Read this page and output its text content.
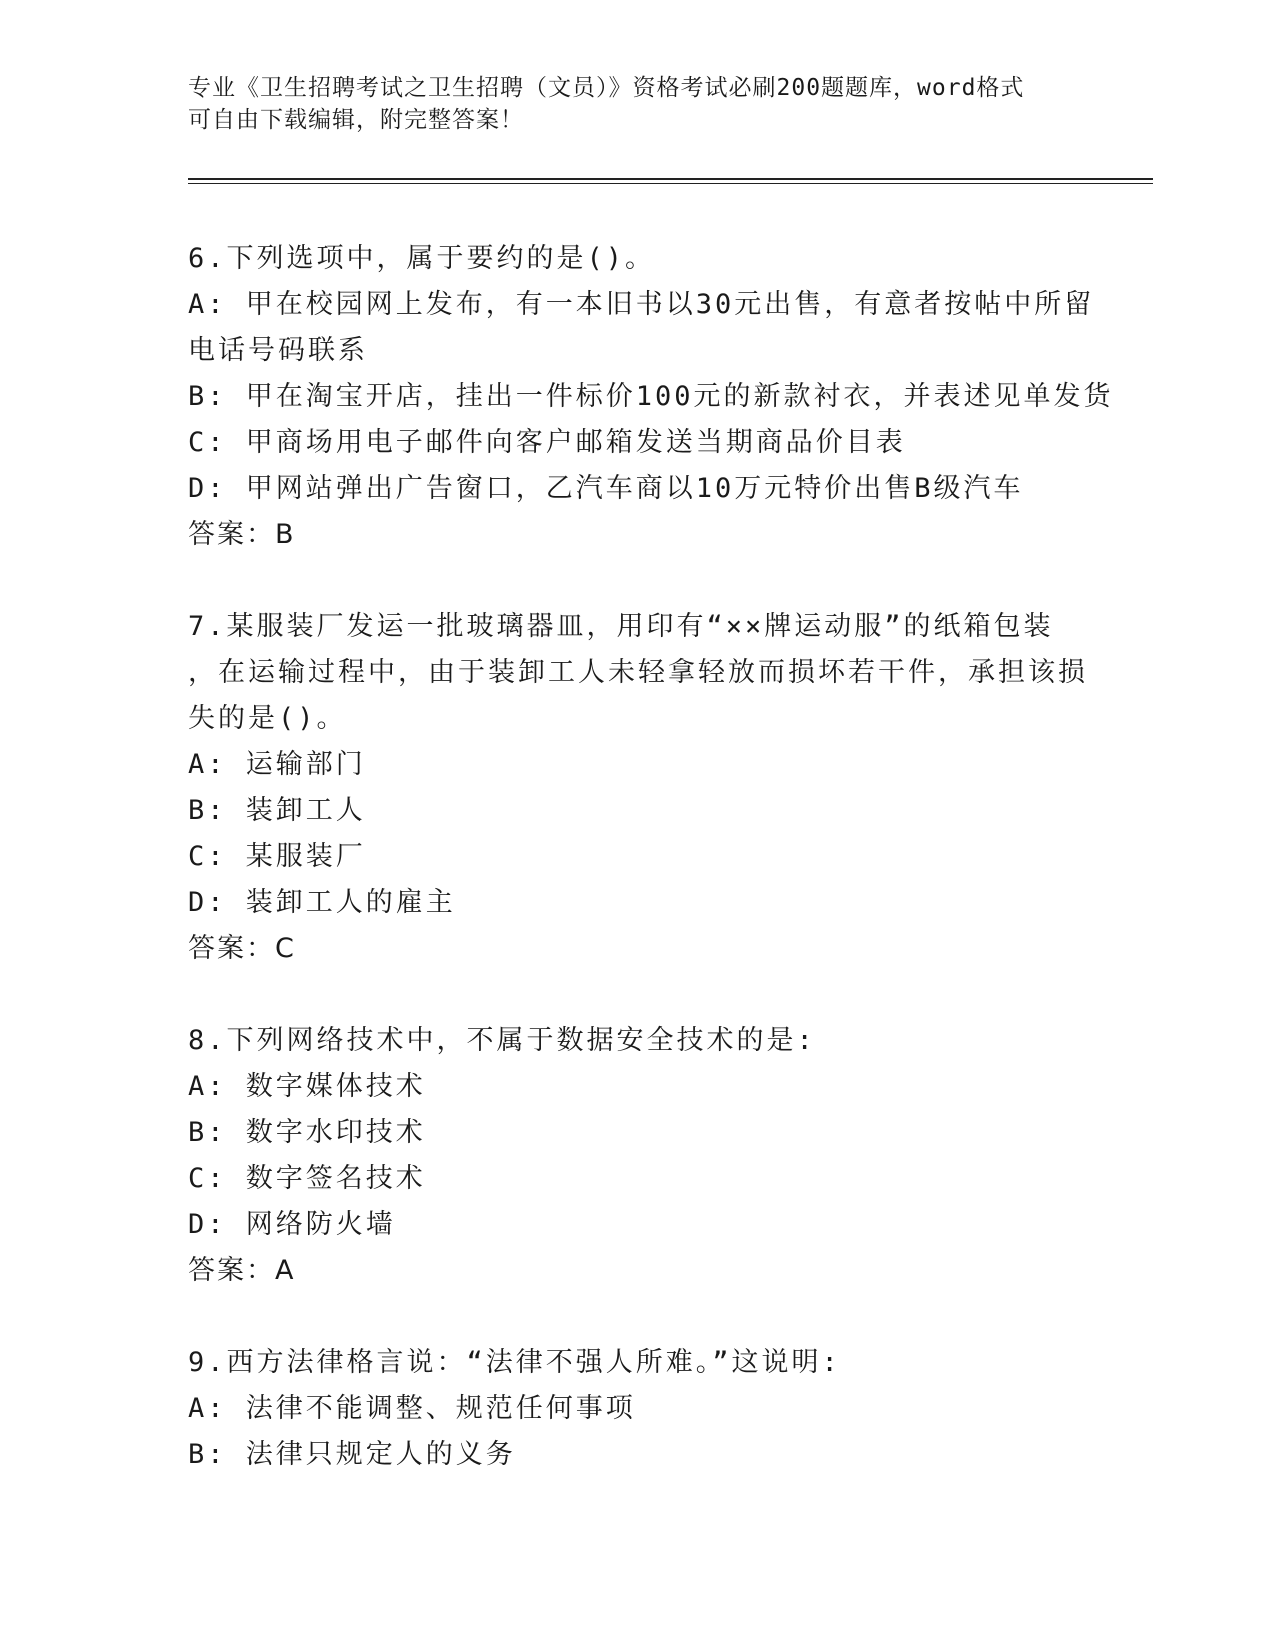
专业《卫生招聘考试之卫生招聘（文员）》资格考试必刷200题题库，word格式
可自由下载编辑，附完整答案！

6.下列选项中，属于要约的是()。

A: 甲在校园网上发布，有一本旧书以30元出售，有意者按帖中所留

电话号码联系

B: 甲在淘宝开店，挂出一件标价100元的新款衬衣，并表述见单发货

C: 甲商场用电子邮件向客户邮箱发送当期商品价目表

D: 甲网站弹出广告窗口，乙汽车商以10万元特价出售B级汽车

答案：B

7.某服装厂发运一批玻璃器皿，用印有“××牌运动服”的纸箱包装

，在运输过程中，由于装卸工人未轻拿轻放而损坏若干件，承担该损

失的是()。

A: 运输部门

B: 装卸工人

C: 某服装厂

D: 装卸工人的雇主

答案：C

8.下列网络技术中，不属于数据安全技术的是:

A: 数字媒体技术

B: 数字水印技术

C: 数字签名技术

D: 网络防火墙

答案：A

9.西方法律格言说：“法律不强人所难。”这说明:

A: 法律不能调整、规范任何事项

B: 法律只规定人的义务
